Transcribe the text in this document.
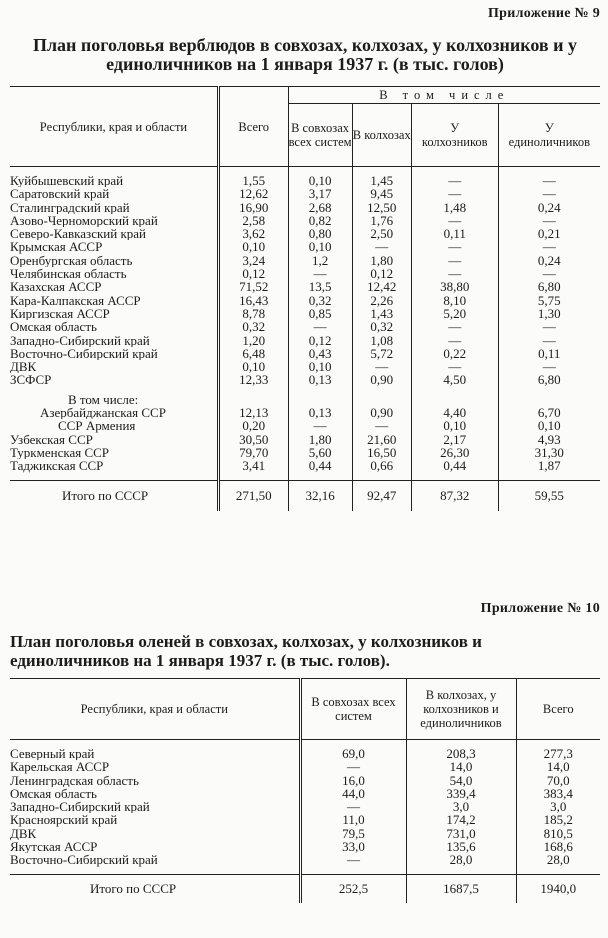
Приложение № 9
План поголовья верблюдов в совхозах, колхозах, у колхозников и у единоличников на 1 января 1937 г. (в тыс. голов)
Республики, края и области	Всего	В том числе			
		В совхозах всех систем	В колхозах	У колхозников	У единоличников

Куйбышевский край	1,55	0,10	1,45	—	—
Саратовский край	12,62	3,17	9,45	—	—
Сталинградский край	16,90	2,68	12,50	1,48	0,24
Азово-Черноморский край	2,58	0,82	1,76	—	—
Северо-Кавказский край	3,62	0,80	2,50	0,11	0,21
Крымская АССР	0,10	0,10	—	—	—
Оренбургская область	3,24	1,2	1,80	—	0,24
Челябинская область	0,12	—	0,12	—	—
Казахская АССР	71,52	13,5	12,42	38,80	6,80
Кара-Калпакская АССР	16,43	0,32	2,26	8,10	5,75
Киргизская АССР	8,78	0,85	1,43	5,20	1,30
Омская область	0,32	—	0,32	—	—
Западно-Сибирский край	1,20	0,12	1,08	—	—
Восточно-Сибирский край	6,48	0,43	5,72	0,22	0,11
ДВК	0,10	0,10	—	—	—
ЗСФСР	12,33	0,13	0,90	4,50	6,80
В том числе:					
Азербайджанская ССР	12,13	0,13	0,90	4,40	6,70
ССР Армения	0,20	—	—	0,10	0,10
Узбекская ССР	30,50	1,80	21,60	2,17	4,93
Туркменская ССР	79,70	5,60	16,50	26,30	31,30
Таджикская ССР	3,41	0,44	0,66	0,44	1,87

Итого по СССР	271,50	32,16	92,47	87,32	59,55
Приложение № 10
План поголовья оленей в совхозах, колхозах, у колхозников и единоличников на 1 января 1937 г. (в тыс. голов).
Республики, края и области	В совхозах всех систем	В колхозах, у колхозников и единоличников	Всего

Северный край	69,0	208,3	277,3
Карельская АССР	—	14,0	14,0
Ленинградская область	16,0	54,0	70,0
Омская область	44,0	339,4	383,4
Западно-Сибирский край	—	3,0	3,0
Красноярский край	11,0	174,2	185,2
ДВК	79,5	731,0	810,5
Якутская АССР	33,0	135,6	168,6
Восточно-Сибирский край	—	28,0	28,0

Итого по СССР	252,5	1687,5	1940,0
